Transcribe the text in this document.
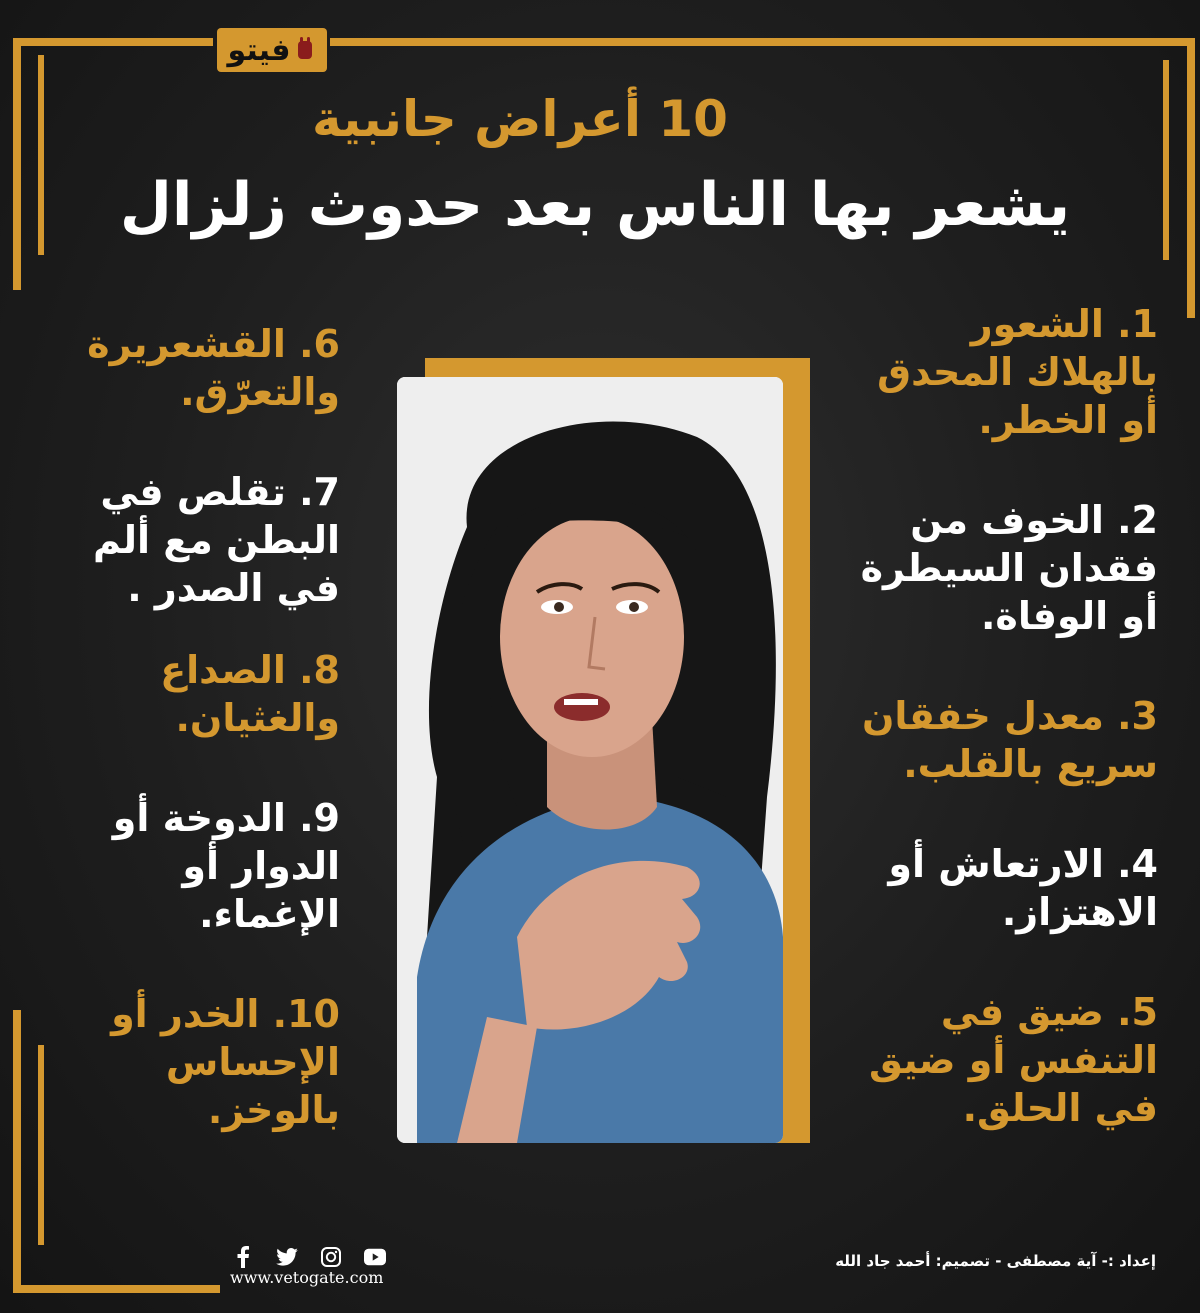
فيتو
10 أعراض جانبية
يشعر بها الناس بعد حدوث زلزال

1. الشعور بالهلاك المحدق أو الخطر.

2. الخوف من فقدان السيطرة أو الوفاة.

3. معدل خفقان سريع بالقلب.

4. الارتعاش أو الاهتزاز.

5. ضيق في التنفس أو ضيق في الحلق.

6. القشعريرة والتعرّق.

7. تقلص في البطن مع ألم في الصدر .

8. الصداع والغثيان.

9. الدوخة أو الدوار أو الإغماء.

10. الخدر أو الإحساس بالوخز.

www.vetogate.com
إعداد :- آية مصطفى - تصميم: أحمد جاد الله
